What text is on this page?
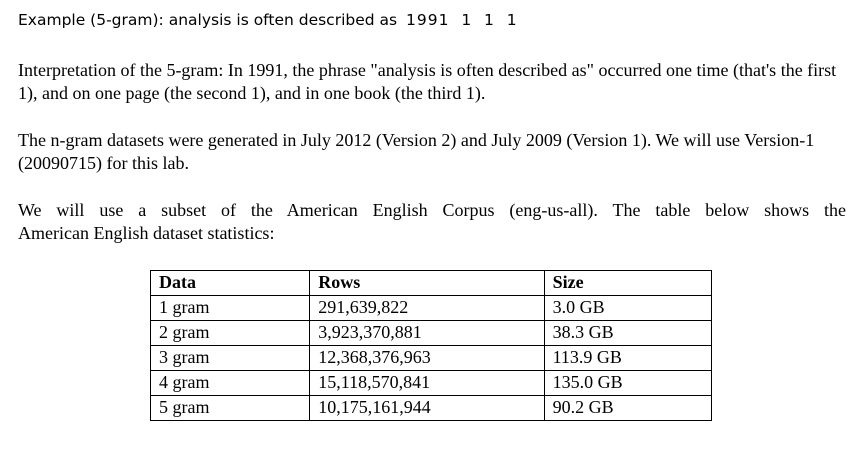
Example (5-gram): analysis is often described as 1991  1  1  1

Interpretation of the 5-gram: In 1991, the phrase "analysis is often described as" occurred one time (that's the first 1), and on one page (the second 1), and in one book (the third 1).

The n-gram datasets were generated in July 2012 (Version 2) and July 2009 (Version 1). We will use Version-1 (20090715) for this lab.

We will use a subset of the American English Corpus (eng-us-all). The table below shows the
American English dataset statistics:

Data	Rows	Size
1 gram	291,639,822	3.0 GB
2 gram	3,923,370,881	38.3 GB
3 gram	12,368,376,963	113.9 GB
4 gram	15,118,570,841	135.0 GB
5 gram	10,175,161,944	90.2 GB
